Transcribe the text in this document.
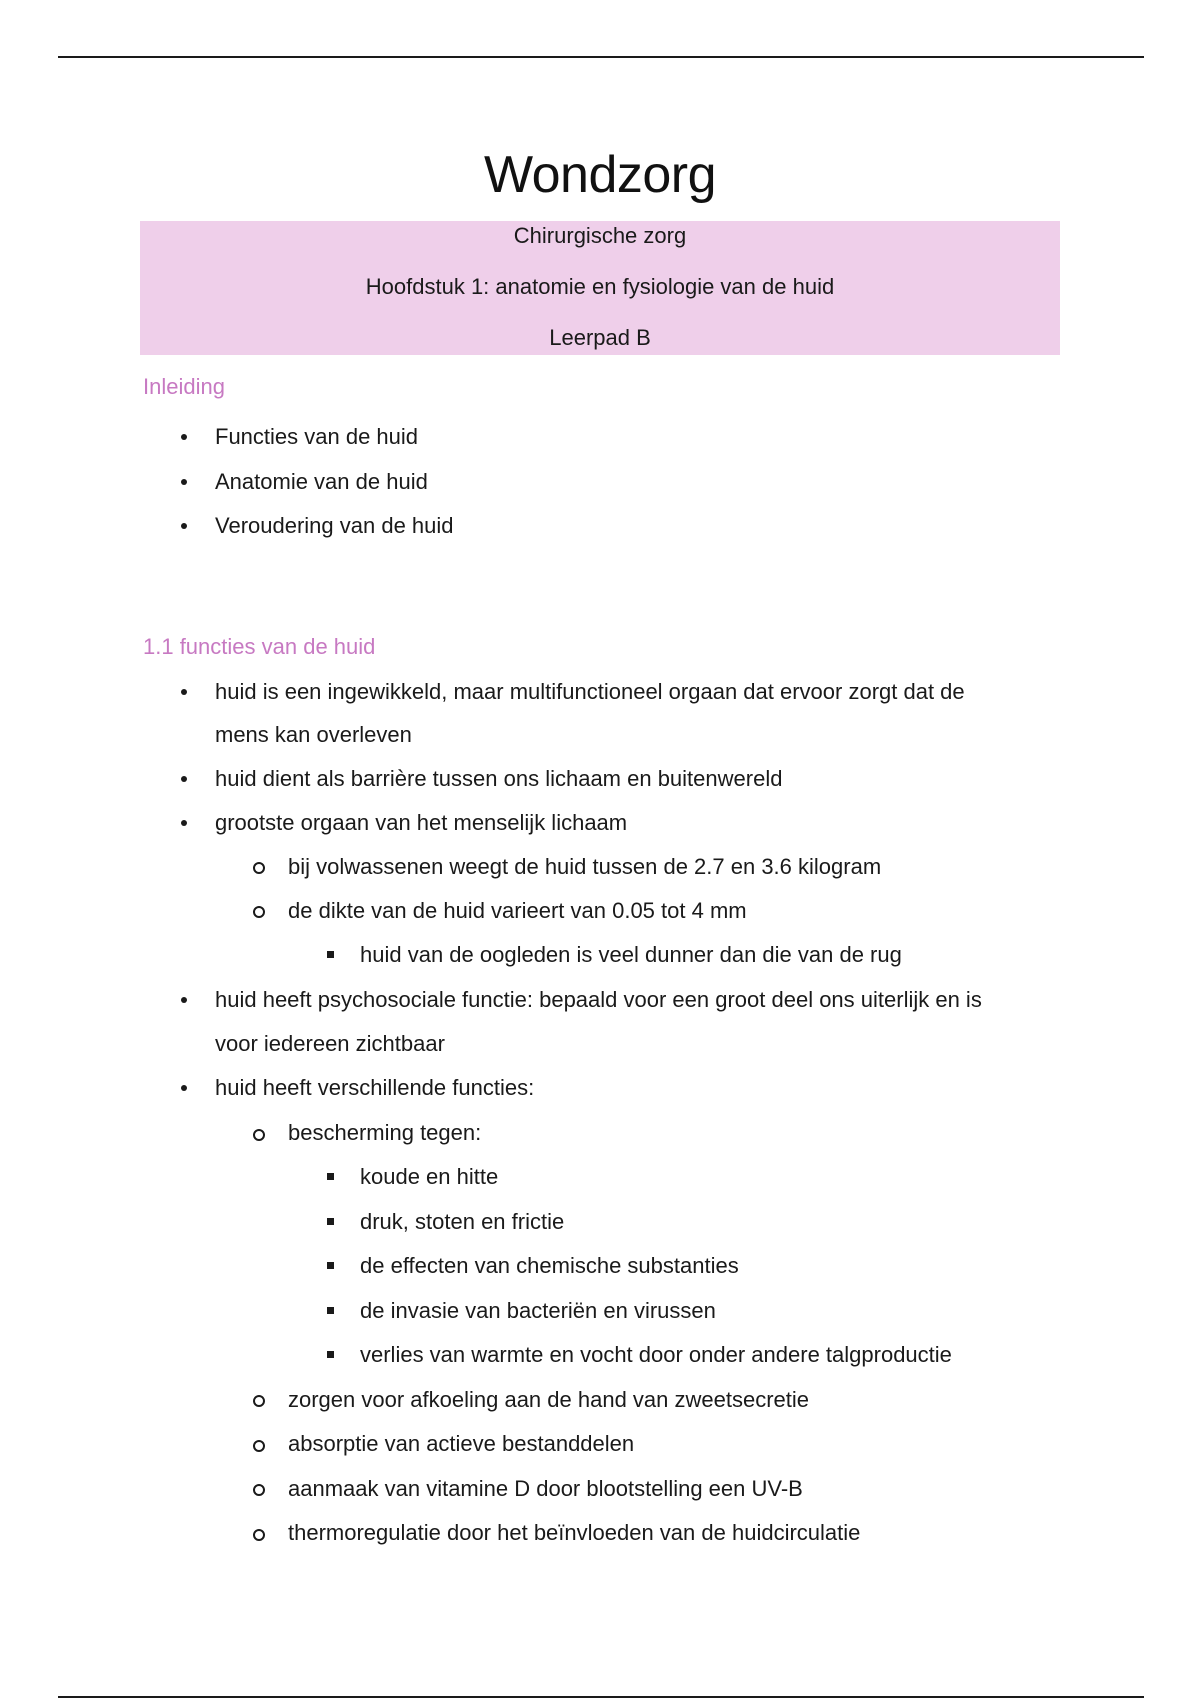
Wondzorg
Chirurgische zorg
Hoofdstuk 1: anatomie en fysiologie van de huid
Leerpad B
Inleiding
Functies van de huid
Anatomie van de huid
Veroudering van de huid
1.1 functies van de huid
huid is een ingewikkeld, maar multifunctioneel orgaan dat ervoor zorgt dat de
mens kan overleven
huid dient als barrière tussen ons lichaam en buitenwereld
grootste orgaan van het menselijk lichaam
bij volwassenen weegt de huid tussen de 2.7 en 3.6 kilogram
de dikte van de huid varieert van 0.05 tot 4 mm
huid van de oogleden is veel dunner dan die van de rug
huid heeft psychosociale functie: bepaald voor een groot deel ons uiterlijk en is
voor iedereen zichtbaar
huid heeft verschillende functies:
bescherming tegen:
koude en hitte
druk, stoten en frictie
de effecten van chemische substanties
de invasie van bacteriën en virussen
verlies van warmte en vocht door onder andere talgproductie
zorgen voor afkoeling aan de hand van zweetsecretie
absorptie van actieve bestanddelen
aanmaak van vitamine D door blootstelling een UV-B
thermoregulatie door het beïnvloeden van de huidcirculatie
